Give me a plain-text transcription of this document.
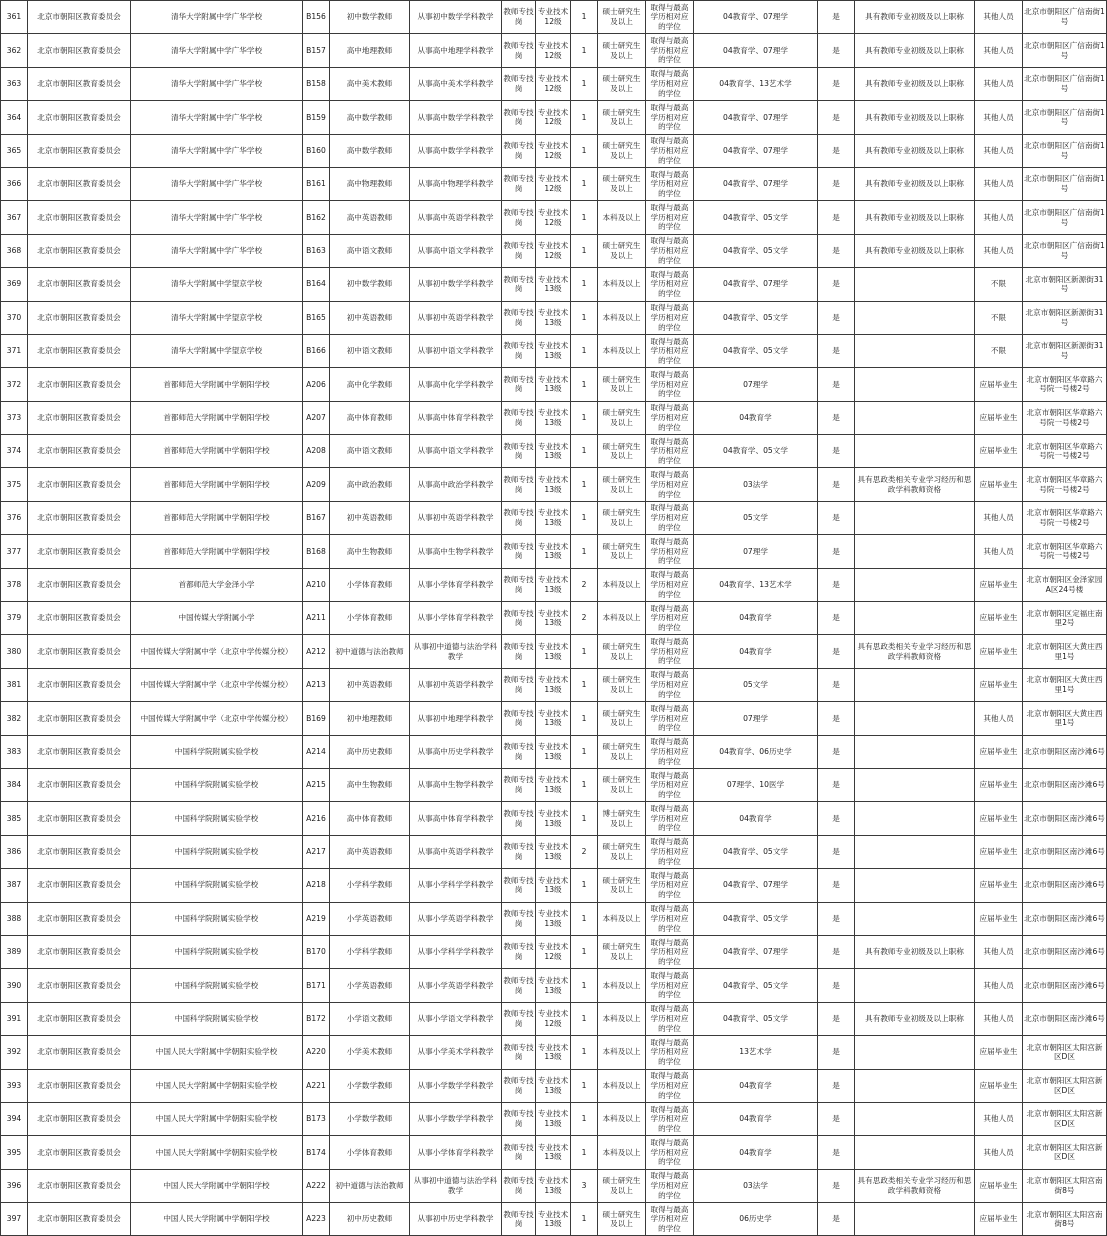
361	北京市朝阳区教育委员会	清华大学附属中学广华学校	B156	初中数学教师	从事初中数学学科教学	教师专技岗	专业技术12级	1	硕士研究生及以上	取得与最高学历相对应的学位	04教育学、07理学	是	具有教师专业初级及以上职称	其他人员	北京市朝阳区广信南街1号
362	北京市朝阳区教育委员会	清华大学附属中学广华学校	B157	高中地理教师	从事高中地理学科教学	教师专技岗	专业技术12级	1	硕士研究生及以上	取得与最高学历相对应的学位	04教育学、07理学	是	具有教师专业初级及以上职称	其他人员	北京市朝阳区广信南街1号
363	北京市朝阳区教育委员会	清华大学附属中学广华学校	B158	高中美术教师	从事高中美术学科教学	教师专技岗	专业技术12级	1	硕士研究生及以上	取得与最高学历相对应的学位	04教育学、13艺术学	是	具有教师专业初级及以上职称	其他人员	北京市朝阳区广信南街1号
364	北京市朝阳区教育委员会	清华大学附属中学广华学校	B159	高中数学教师	从事高中数学学科教学	教师专技岗	专业技术12级	1	硕士研究生及以上	取得与最高学历相对应的学位	04教育学、07理学	是	具有教师专业初级及以上职称	其他人员	北京市朝阳区广信南街1号
365	北京市朝阳区教育委员会	清华大学附属中学广华学校	B160	高中数学教师	从事高中数学学科教学	教师专技岗	专业技术12级	1	硕士研究生及以上	取得与最高学历相对应的学位	04教育学、07理学	是	具有教师专业初级及以上职称	其他人员	北京市朝阳区广信南街1号
366	北京市朝阳区教育委员会	清华大学附属中学广华学校	B161	高中物理教师	从事高中物理学科教学	教师专技岗	专业技术12级	1	硕士研究生及以上	取得与最高学历相对应的学位	04教育学、07理学	是	具有教师专业初级及以上职称	其他人员	北京市朝阳区广信南街1号
367	北京市朝阳区教育委员会	清华大学附属中学广华学校	B162	高中英语教师	从事高中英语学科教学	教师专技岗	专业技术12级	1	本科及以上	取得与最高学历相对应的学位	04教育学、05文学	是	具有教师专业初级及以上职称	其他人员	北京市朝阳区广信南街1号
368	北京市朝阳区教育委员会	清华大学附属中学广华学校	B163	高中语文教师	从事高中语文学科教学	教师专技岗	专业技术12级	1	硕士研究生及以上	取得与最高学历相对应的学位	04教育学、05文学	是	具有教师专业初级及以上职称	其他人员	北京市朝阳区广信南街1号
369	北京市朝阳区教育委员会	清华大学附属中学望京学校	B164	初中数学教师	从事初中数学学科教学	教师专技岗	专业技术13级	1	本科及以上	取得与最高学历相对应的学位	04教育学、07理学	是		不限	北京市朝阳区新源街31号
370	北京市朝阳区教育委员会	清华大学附属中学望京学校	B165	初中英语教师	从事初中英语学科教学	教师专技岗	专业技术13级	1	本科及以上	取得与最高学历相对应的学位	04教育学、05文学	是		不限	北京市朝阳区新源街31号
371	北京市朝阳区教育委员会	清华大学附属中学望京学校	B166	初中语文教师	从事初中语文学科教学	教师专技岗	专业技术13级	1	本科及以上	取得与最高学历相对应的学位	04教育学、05文学	是		不限	北京市朝阳区新源街31号
372	北京市朝阳区教育委员会	首都师范大学附属中学朝阳学校	A206	高中化学教师	从事高中化学学科教学	教师专技岗	专业技术13级	1	硕士研究生及以上	取得与最高学历相对应的学位	07理学	是		应届毕业生	北京市朝阳区华章路六号院一号楼2号
373	北京市朝阳区教育委员会	首都师范大学附属中学朝阳学校	A207	高中体育教师	从事高中体育学科教学	教师专技岗	专业技术13级	1	硕士研究生及以上	取得与最高学历相对应的学位	04教育学	是		应届毕业生	北京市朝阳区华章路六号院一号楼2号
374	北京市朝阳区教育委员会	首都师范大学附属中学朝阳学校	A208	高中语文教师	从事高中语文学科教学	教师专技岗	专业技术13级	1	硕士研究生及以上	取得与最高学历相对应的学位	04教育学、05文学	是		应届毕业生	北京市朝阳区华章路六号院一号楼2号
375	北京市朝阳区教育委员会	首都师范大学附属中学朝阳学校	A209	高中政治教师	从事高中政治学科教学	教师专技岗	专业技术13级	1	硕士研究生及以上	取得与最高学历相对应的学位	03法学	是	具有思政类相关专业学习经历和思政学科教师资格	应届毕业生	北京市朝阳区华章路六号院一号楼2号
376	北京市朝阳区教育委员会	首都师范大学附属中学朝阳学校	B167	初中英语教师	从事初中英语学科教学	教师专技岗	专业技术13级	1	硕士研究生及以上	取得与最高学历相对应的学位	05文学	是		其他人员	北京市朝阳区华章路六号院一号楼2号
377	北京市朝阳区教育委员会	首都师范大学附属中学朝阳学校	B168	高中生物教师	从事高中生物学科教学	教师专技岗	专业技术13级	1	硕士研究生及以上	取得与最高学历相对应的学位	07理学	是		其他人员	北京市朝阳区华章路六号院一号楼2号
378	北京市朝阳区教育委员会	首都师范大学金泽小学	A210	小学体育教师	从事小学体育学科教学	教师专技岗	专业技术13级	2	本科及以上	取得与最高学历相对应的学位	04教育学、13艺术学	是		应届毕业生	北京市朝阳区金泽家园A区24号楼
379	北京市朝阳区教育委员会	中国传媒大学附属小学	A211	小学体育教师	从事小学体育学科教学	教师专技岗	专业技术13级	2	本科及以上	取得与最高学历相对应的学位	04教育学	是		应届毕业生	北京市朝阳区定福庄南里2号
380	北京市朝阳区教育委员会	中国传媒大学附属中学（北京中学传媒分校）	A212	初中道德与法治教师	从事初中道德与法治学科教学	教师专技岗	专业技术13级	1	硕士研究生及以上	取得与最高学历相对应的学位	04教育学	是	具有思政类相关专业学习经历和思政学科教师资格	应届毕业生	北京市朝阳区大黄庄西里1号
381	北京市朝阳区教育委员会	中国传媒大学附属中学（北京中学传媒分校）	A213	初中英语教师	从事初中英语学科教学	教师专技岗	专业技术13级	1	硕士研究生及以上	取得与最高学历相对应的学位	05文学	是		应届毕业生	北京市朝阳区大黄庄西里1号
382	北京市朝阳区教育委员会	中国传媒大学附属中学（北京中学传媒分校）	B169	初中地理教师	从事初中地理学科教学	教师专技岗	专业技术13级	1	硕士研究生及以上	取得与最高学历相对应的学位	07理学	是		其他人员	北京市朝阳区大黄庄西里1号
383	北京市朝阳区教育委员会	中国科学院附属实验学校	A214	高中历史教师	从事高中历史学科教学	教师专技岗	专业技术13级	1	硕士研究生及以上	取得与最高学历相对应的学位	04教育学、06历史学	是		应届毕业生	北京市朝阳区南沙滩6号
384	北京市朝阳区教育委员会	中国科学院附属实验学校	A215	高中生物教师	从事高中生物学科教学	教师专技岗	专业技术13级	1	硕士研究生及以上	取得与最高学历相对应的学位	07理学、10医学	是		应届毕业生	北京市朝阳区南沙滩6号
385	北京市朝阳区教育委员会	中国科学院附属实验学校	A216	高中体育教师	从事高中体育学科教学	教师专技岗	专业技术13级	1	博士研究生及以上	取得与最高学历相对应的学位	04教育学	是		应届毕业生	北京市朝阳区南沙滩6号
386	北京市朝阳区教育委员会	中国科学院附属实验学校	A217	高中英语教师	从事高中英语学科教学	教师专技岗	专业技术13级	2	硕士研究生及以上	取得与最高学历相对应的学位	04教育学、05文学	是		应届毕业生	北京市朝阳区南沙滩6号
387	北京市朝阳区教育委员会	中国科学院附属实验学校	A218	小学科学教师	从事小学科学学科教学	教师专技岗	专业技术13级	1	硕士研究生及以上	取得与最高学历相对应的学位	04教育学、07理学	是		应届毕业生	北京市朝阳区南沙滩6号
388	北京市朝阳区教育委员会	中国科学院附属实验学校	A219	小学英语教师	从事小学英语学科教学	教师专技岗	专业技术13级	1	本科及以上	取得与最高学历相对应的学位	04教育学、05文学	是		应届毕业生	北京市朝阳区南沙滩6号
389	北京市朝阳区教育委员会	中国科学院附属实验学校	B170	小学科学教师	从事小学科学学科教学	教师专技岗	专业技术12级	1	硕士研究生及以上	取得与最高学历相对应的学位	04教育学、07理学	是	具有教师专业初级及以上职称	其他人员	北京市朝阳区南沙滩6号
390	北京市朝阳区教育委员会	中国科学院附属实验学校	B171	小学英语教师	从事小学英语学科教学	教师专技岗	专业技术13级	1	本科及以上	取得与最高学历相对应的学位	04教育学、05文学	是		其他人员	北京市朝阳区南沙滩6号
391	北京市朝阳区教育委员会	中国科学院附属实验学校	B172	小学语文教师	从事小学语文学科教学	教师专技岗	专业技术12级	1	本科及以上	取得与最高学历相对应的学位	04教育学、05文学	是	具有教师专业初级及以上职称	其他人员	北京市朝阳区南沙滩6号
392	北京市朝阳区教育委员会	中国人民大学附属中学朝阳实验学校	A220	小学美术教师	从事小学美术学科教学	教师专技岗	专业技术13级	1	本科及以上	取得与最高学历相对应的学位	13艺术学	是		应届毕业生	北京市朝阳区太阳宫新区D区
393	北京市朝阳区教育委员会	中国人民大学附属中学朝阳实验学校	A221	小学数学教师	从事小学数学学科教学	教师专技岗	专业技术13级	1	本科及以上	取得与最高学历相对应的学位	04教育学	是		应届毕业生	北京市朝阳区太阳宫新区D区
394	北京市朝阳区教育委员会	中国人民大学附属中学朝阳实验学校	B173	小学数学教师	从事小学数学学科教学	教师专技岗	专业技术13级	1	本科及以上	取得与最高学历相对应的学位	04教育学	是		其他人员	北京市朝阳区太阳宫新区D区
395	北京市朝阳区教育委员会	中国人民大学附属中学朝阳实验学校	B174	小学体育教师	从事小学体育学科教学	教师专技岗	专业技术13级	1	本科及以上	取得与最高学历相对应的学位	04教育学	是		其他人员	北京市朝阳区太阳宫新区D区
396	北京市朝阳区教育委员会	中国人民大学附属中学朝阳学校	A222	初中道德与法治教师	从事初中道德与法治学科教学	教师专技岗	专业技术13级	3	硕士研究生及以上	取得与最高学历相对应的学位	03法学	是	具有思政类相关专业学习经历和思政学科教师资格	应届毕业生	北京市朝阳区太阳宫南街8号
397	北京市朝阳区教育委员会	中国人民大学附属中学朝阳学校	A223	初中历史教师	从事初中历史学科教学	教师专技岗	专业技术13级	1	硕士研究生及以上	取得与最高学历相对应的学位	06历史学	是		应届毕业生	北京市朝阳区太阳宫南街8号
